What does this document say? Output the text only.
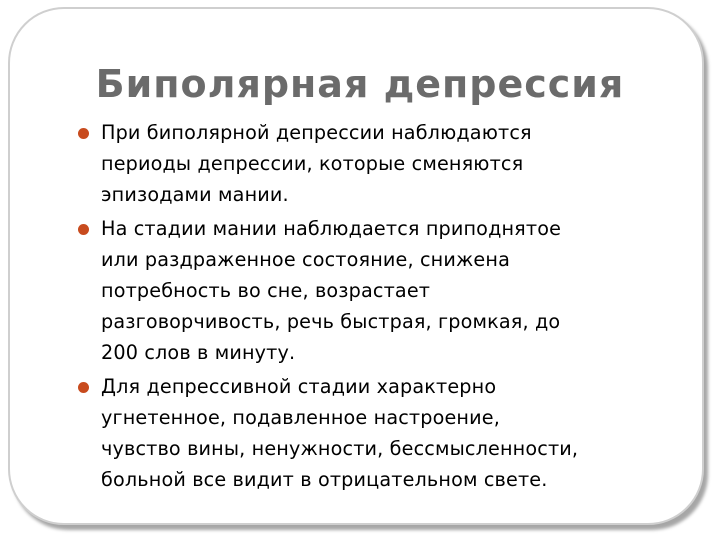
Биполярная депрессия
При биполярной депрессии наблюдаются
периоды депрессии, которые сменяются
эпизодами мании.
На стадии мании наблюдается приподнятое
или раздраженное состояние, снижена
потребность во сне, возрастает
разговорчивость, речь быстрая, громкая, до
200 слов в минуту.
Для депрессивной стадии характерно
угнетенное, подавленное настроение,
чувство вины, ненужности, бессмысленности,
больной все видит в отрицательном свете.
